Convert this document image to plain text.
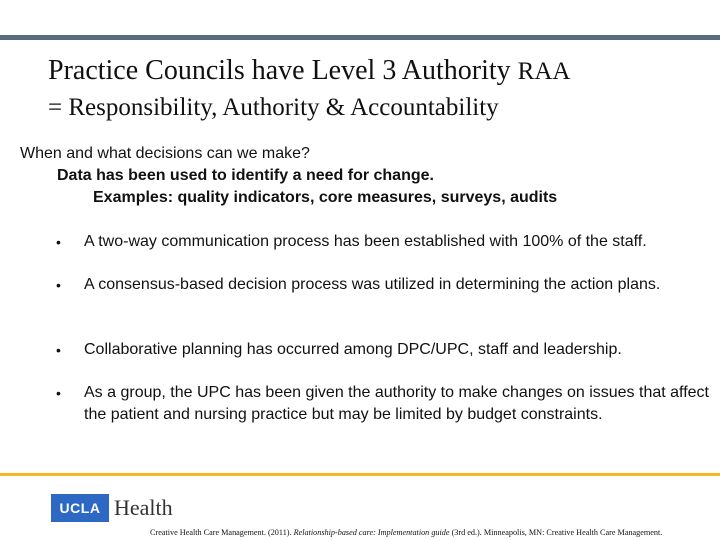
Practice Councils have Level 3 Authority RAA
= Responsibility, Authority & Accountability
When and what decisions can we make?
Data has been used to identify a need for change.
Examples: quality indicators, core measures, surveys, audits
•	A two-way communication process has been established with 100% of the staff.
•	A consensus-based decision process was utilized in determining the action plans.
•	Collaborative planning has occurred among DPC/UPC, staff and leadership.
•	As a group, the UPC has been given the authority to make changes on issues that affect the patient and nursing practice but may be limited by budget constraints.
UCLA Health
Creative Health Care Management. (2011). Relationship-based care: Implementation guide (3rd ed.). Minneapolis, MN: Creative Health Care Management.
